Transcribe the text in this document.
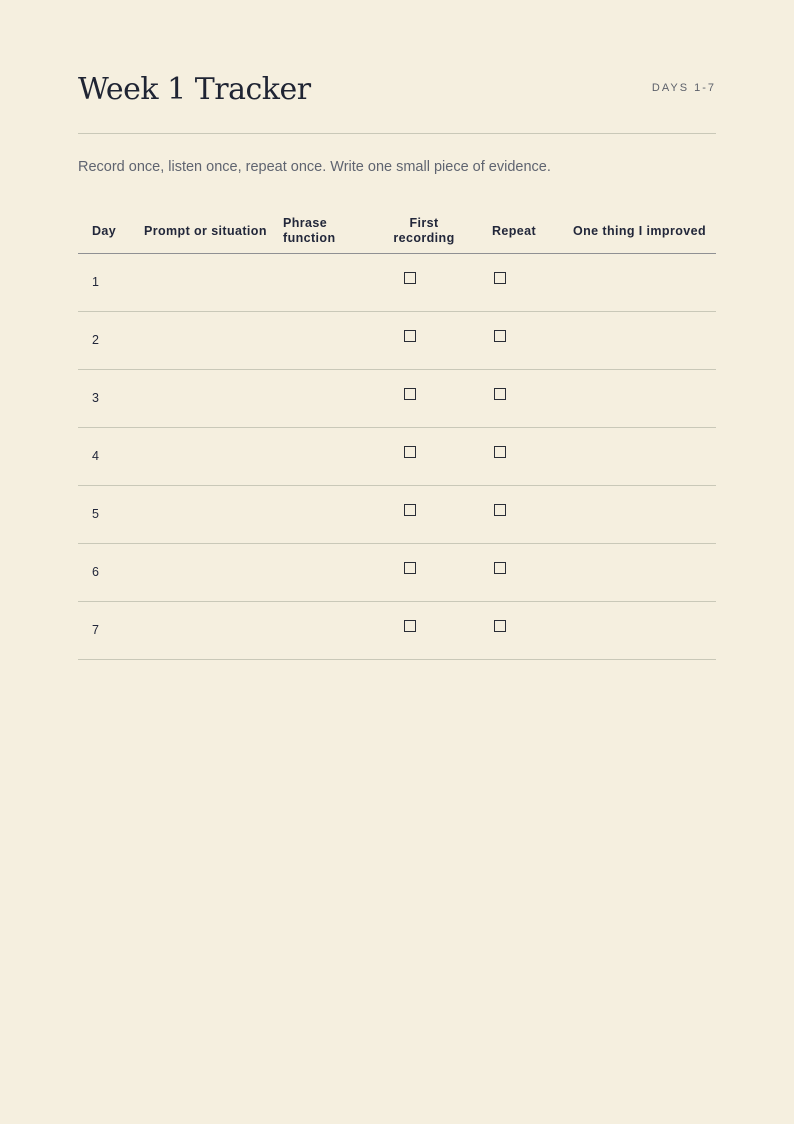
Week 1 Tracker	DAYS 1-7

Record once, listen once, repeat once. Write one small piece of evidence.

Day	Prompt or situation	Phrase function	First recording	Repeat	One thing I improved
1			

2			

3			

4			

5			

6			

7			
